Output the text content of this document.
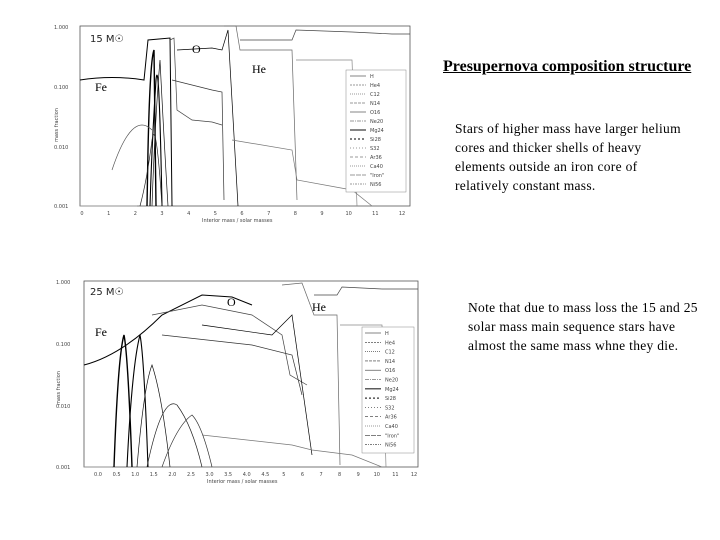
Presupernova composition structure
Stars of higher mass have larger helium cores and thicker shells of heavy elements outside an iron core of relatively constant mass.
Note that due to mass loss the 15 and 25 solar mass main sequence stars have almost the same mass whne they die.
1.000
0.100
0.010
0.001
mass fraction
15 M☉
0	1	2	3	4	5	6	7	8	9	10	11	12
Interior mass / solar masses
H
He4
C12
N14
O16
Ne20
Mg24
Si28
S32
Ar36
Ca40
"Iron"
Ni56
O
He
Fe
1.000
0.100
0.010
0.001
mass fraction
25 M☉
0.0 0.5 1.0 1.5 2.0 2.5 3.0 3.5 4.0 4.5	5	6	7	8	9	10 11 12
Interior mass / solar masses
H
He4
C12
N14
O16
Ne20
Mg24
Si28
S32
Ar36
Ca40
"Iron"
Ni56
O	He
Fe
